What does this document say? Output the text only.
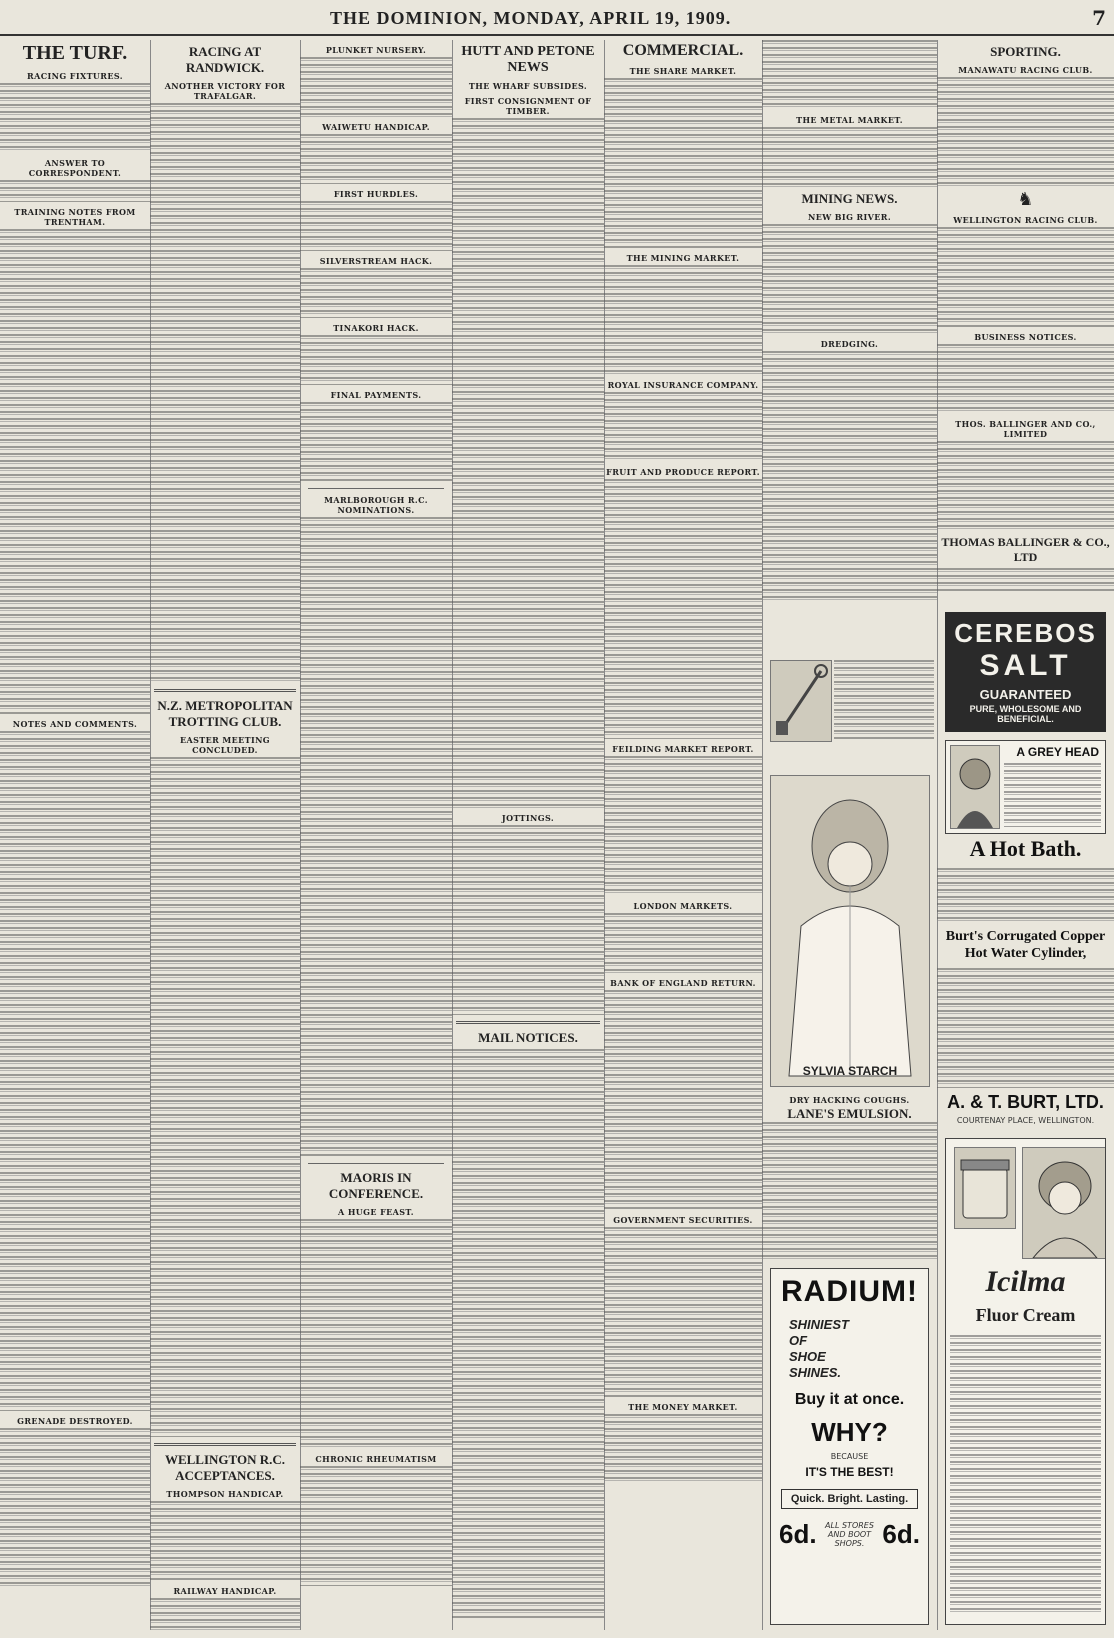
THE DOMINION, MONDAY, APRIL 19, 1909.	7
THE TURF.
RACING FIXTURES.
ANSWER TO CORRESPONDENT.
TRAINING NOTES FROM TRENTHAM.
NOTES AND COMMENTS.
GRENADE DESTROYED.
RACING AT RANDWICK.
ANOTHER VICTORY FOR TRAFALGAR.
N.Z. METROPOLITAN TROTTING CLUB.
EASTER MEETING CONCLUDED.
WELLINGTON R.C. ACCEPTANCES.
THOMPSON HANDICAP.
RAILWAY HANDICAP.
PLUNKET NURSERY.
WAIWETU HANDICAP.
FIRST HURDLES.
SILVERSTREAM HACK.
TINAKORI HACK.
FINAL PAYMENTS.
MARLBOROUGH R.C. NOMINATIONS.
MAORIS IN CONFERENCE.
A HUGE FEAST.
CHRONIC RHEUMATISM
HUTT AND PETONE NEWS
THE WHARF SUBSIDES.
FIRST CONSIGNMENT OF TIMBER.
JOTTINGS.
MAIL NOTICES.
COMMERCIAL.
THE SHARE MARKET.
THE MINING MARKET.
ROYAL INSURANCE COMPANY.
FRUIT AND PRODUCE REPORT.
FEILDING MARKET REPORT.
LONDON MARKETS.
BANK OF ENGLAND RETURN.
GOVERNMENT SECURITIES.
THE MONEY MARKET.
THE METAL MARKET.
MINING NEWS.
NEW BIG RIVER.
DREDGING.
SYLVIA STARCH
DRY HACKING COUGHS.
LANE'S EMULSION.
RADIUM!
SHINIEST
OF
SHOE
SHINES.
Buy it at once.
WHY?
BECAUSE
IT'S THE BEST!
Quick. Bright. Lasting.
6d.	ALL STORES AND BOOT SHOPS. 6d.
SPORTING.
MANAWATU RACING CLUB.
♞
WELLINGTON RACING CLUB.
BUSINESS NOTICES.
THOS. BALLINGER AND CO., LIMITED
THOMAS BALLINGER & CO., LTD
CEREBOS
SALT
GUARANTEED
PURE, WHOLESOME AND BENEFICIAL.
A GREY HEAD
A Hot Bath.
Burt's Corrugated Copper Hot Water Cylinder,
A. & T. BURT, LTD.
COURTENAY PLACE, WELLINGTON.
Icilma
Fluor Cream
